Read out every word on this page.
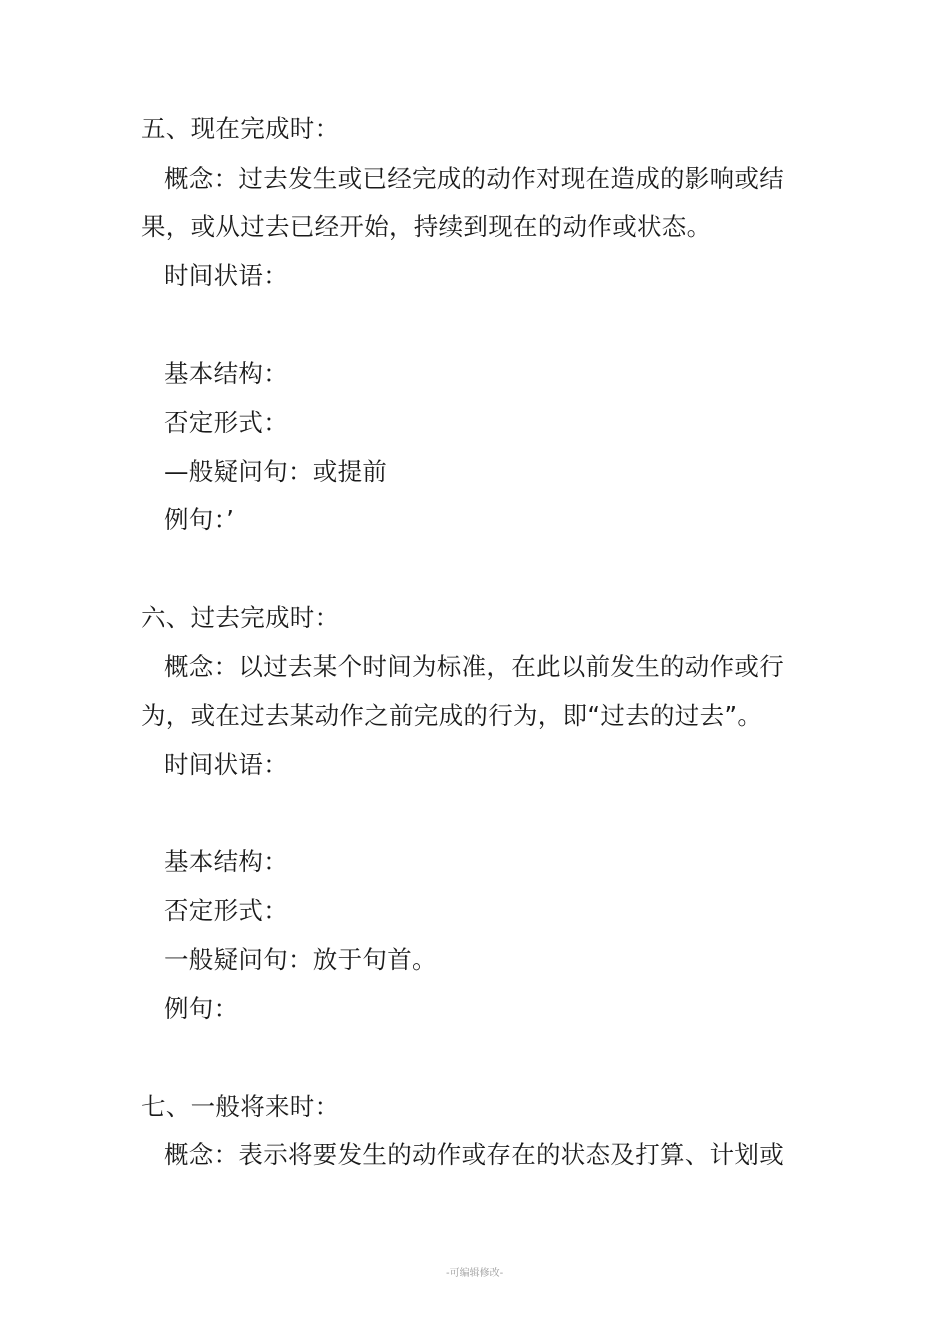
五、现在完成时：
概念：过去发生或已经完成的动作对现在造成的影响或结
果，或从过去已经开始，持续到现在的动作或状态。
时间状语：
基本结构：
否定形式：
—般疑问句：或提前
例句：’
六、过去完成时：
概念：以过去某个时间为标准，在此以前发生的动作或行
为，或在过去某动作之前完成的行为，即“过去的过去”。
时间状语：
基本结构：
否定形式：
一般疑问句：放于句首。
例句：
七、一般将来时：
概念：表示将要发生的动作或存在的状态及打算、计划或
-可编辑修改-
